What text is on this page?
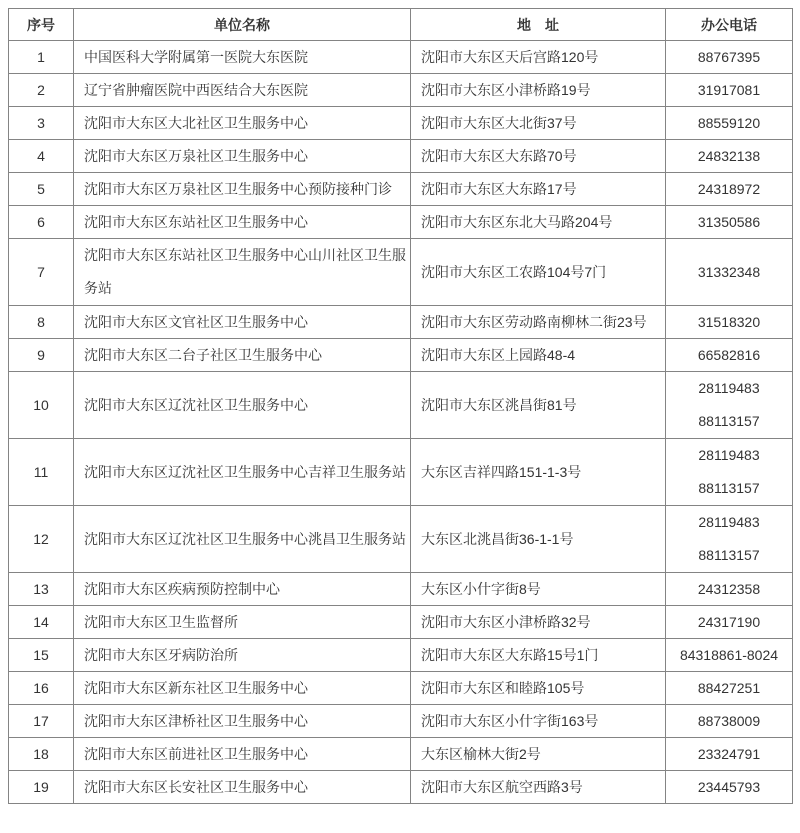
序号	单位名称	地　址	办公电话
1	中国医科大学附属第一医院大东医院	沈阳市大东区天后宫路120号	88767395

2	辽宁省肿瘤医院中西医结合大东医院	沈阳市大东区小津桥路19号	31917081

3	沈阳市大东区大北社区卫生服务中心	沈阳市大东区大北街37号	88559120

4	沈阳市大东区万泉社区卫生服务中心	沈阳市大东区大东路70号	24832138

5	沈阳市大东区万泉社区卫生服务中心预防接种门诊	沈阳市大东区大东路17号	24318972

6	沈阳市大东区东站社区卫生服务中心	沈阳市大东区东北大马路204号	31350586

7	沈阳市大东区东站社区卫生服务中心山川社区卫生服务站	沈阳市大东区工农路104号7门	31332348

8	沈阳市大东区文官社区卫生服务中心	沈阳市大东区劳动路南柳林二街23号	31518320

9	沈阳市大东区二台子社区卫生服务中心	沈阳市大东区上园路48-4	66582816

10	沈阳市大东区辽沈社区卫生服务中心	沈阳市大东区洮昌街81号	28119483
88113157

11	沈阳市大东区辽沈社区卫生服务中心吉祥卫生服务站	大东区吉祥四路151-1-3号	28119483
88113157

12	沈阳市大东区辽沈社区卫生服务中心洮昌卫生服务站	大东区北洮昌街36-1-1号	28119483
88113157

13	沈阳市大东区疾病预防控制中心	大东区小什字街8号	24312358

14	沈阳市大东区卫生监督所	沈阳市大东区小津桥路32号	24317190

15	沈阳市大东区牙病防治所	沈阳市大东区大东路15号1门	84318861-8024

16	沈阳市大东区新东社区卫生服务中心	沈阳市大东区和睦路105号	88427251

17	沈阳市大东区津桥社区卫生服务中心	沈阳市大东区小什字街163号	88738009

18	沈阳市大东区前进社区卫生服务中心	大东区榆林大街2号	23324791

19	沈阳市大东区长安社区卫生服务中心	沈阳市大东区航空西路3号	23445793
